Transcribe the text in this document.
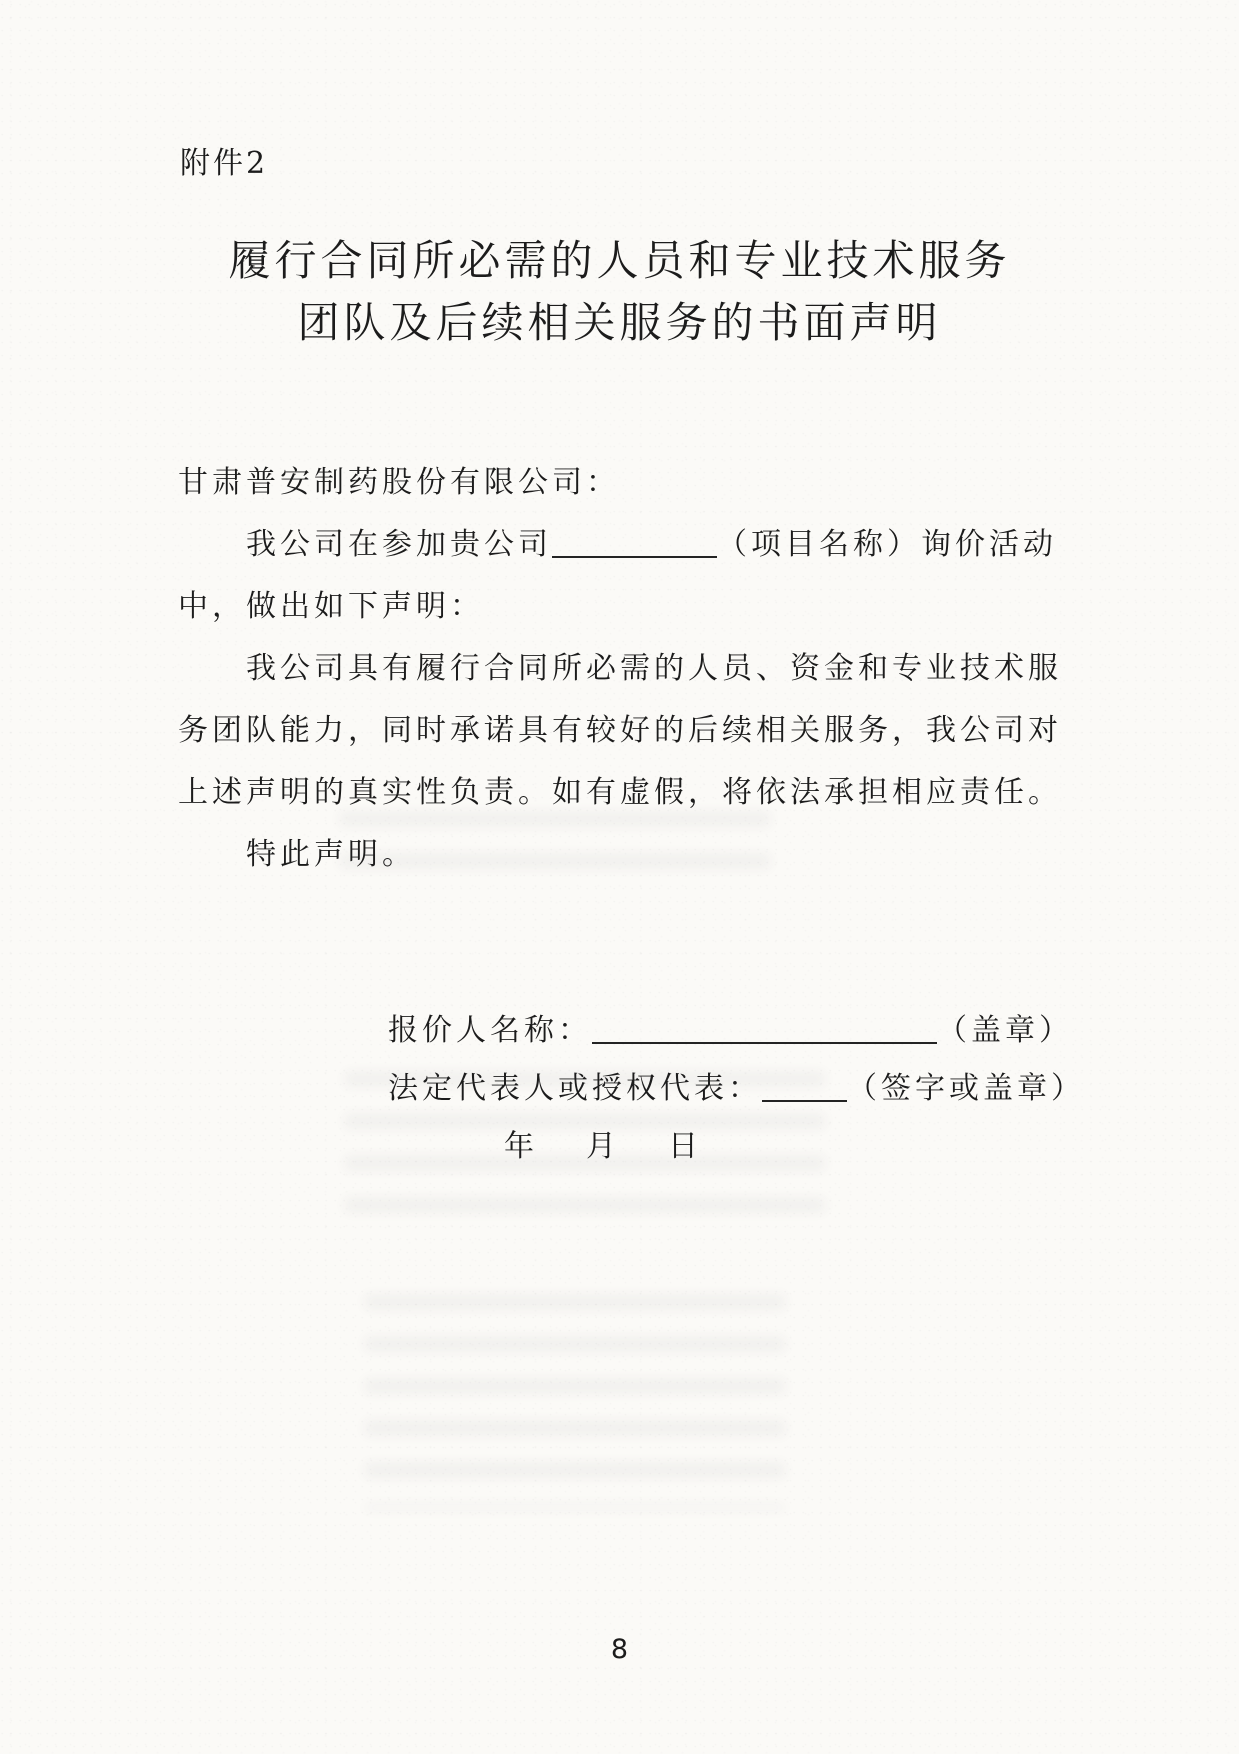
附件2
履行合同所必需的人员和专业技术服务
团队及后续相关服务的书面声明
甘肃普安制药股份有限公司：
我公司在参加贵公司	（项目名称）询价活动
中，做出如下声明：
我公司具有履行合同所必需的人员、资金和专业技术服
务团队能力，同时承诺具有较好的后续相关服务，我公司对
上述声明的真实性负责。如有虚假，将依法承担相应责任。
特此声明。
报价人名称：	（盖章）
法定代表人或授权代表：	（签字或盖章）
年 月 日
8
